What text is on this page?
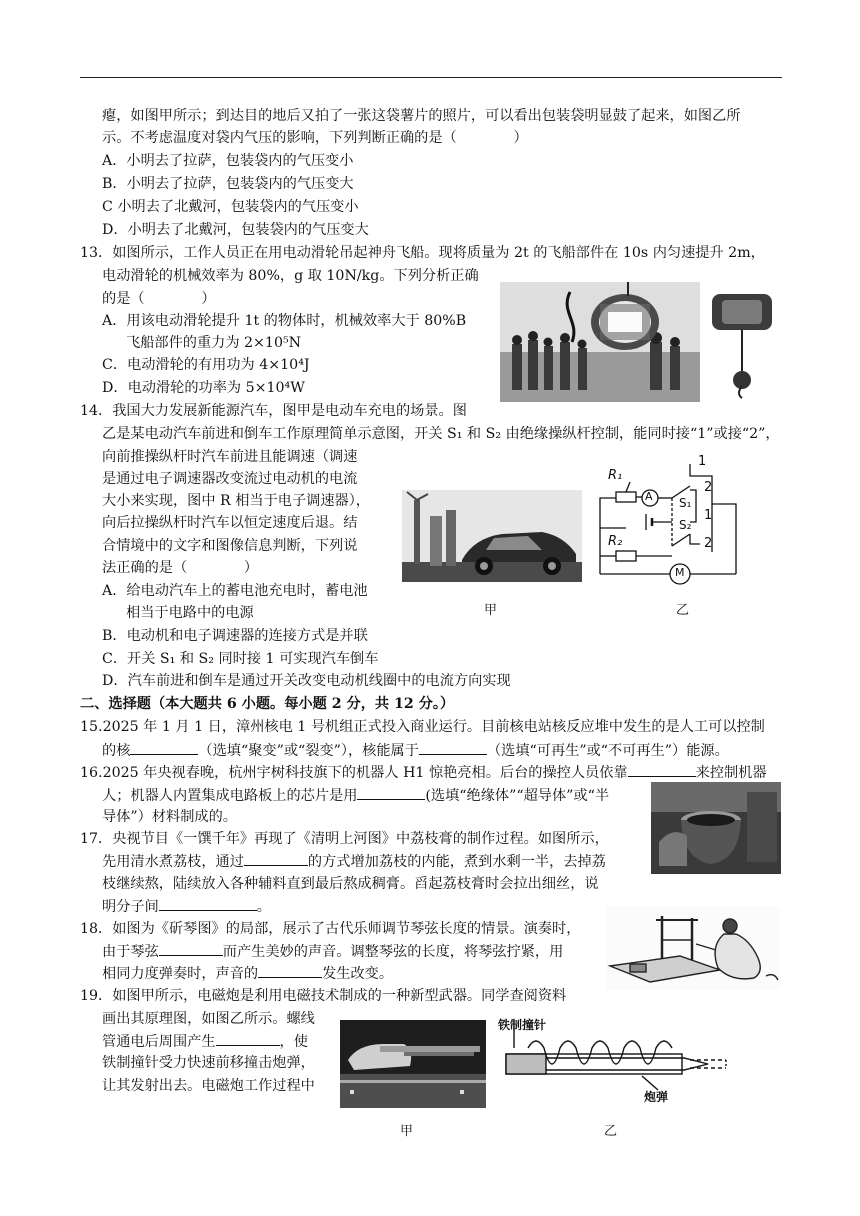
瘪，如图甲所示；到达目的地后又拍了一张这袋薯片的照片，可以看出包装袋明显鼓了起来，如图乙所
示。不考虑温度对袋内气压的影响，下列判断正确的是（　　　　）
A．小明去了拉萨，包装袋内的气压变小
B．小明去了拉萨，包装袋内的气压变大
C 小明去了北戴河，包装袋内的气压变小
D．小明去了北戴河，包装袋内的气压变大
13．如图所示，工作人员正在用电动滑轮吊起神舟飞船。现将质量为 2t 的飞船部件在 10s 内匀速提升 2m，
电动滑轮的机械效率为 80%，g 取 10N/kg。下列分析正确
的是（　　　　）
A．用该电动滑轮提升 1t 的物体时，机械效率大于 80%B
飞船部件的重力为 2×10⁵N
C．电动滑轮的有用功为 4×10⁴J
D．电动滑轮的功率为 5×10⁴W
14．我国大力发展新能源汽车，图甲是电动车充电的场景。图
乙是某电动汽车前进和倒车工作原理简单示意图，开关 S₁ 和 S₂ 由绝缘操纵杆控制，能同时接“1”或接“2”，
向前推操纵杆时汽车前进且能调速（调速
是通过电子调速器改变流过电动机的电流
大小来实现，图中 R 相当于电子调速器），
向后拉操纵杆时汽车以恒定速度后退。结
合情境中的文字和图像信息判断，下列说
法正确的是（　　　　）
A．给电动汽车上的蓄电池充电时，蓄电池
相当于电路中的电源
B．电动机和电子调速器的连接方式是并联
C．开关 S₁ 和 S₂ 同时接 1 可实现汽车倒车
D．汽车前进和倒车是通过开关改变电动机线圈中的电流方向实现
甲
R₁
R₂
A S₁
S₂
M
1
2
1
2
乙
二、选择题（本大题共 6 小题。每小题 2 分，共 12 分。）
15.2025 年 1 月 1 日，漳州核电 1 号机组正式投入商业运行。目前核电站核反应堆中发生的是人工可以控制
的核	（选填“聚变”或“裂变”），核能属于	（选填“可再生”或“不可再生”）能源。
16.2025 年央视春晚，杭州宇树科技旗下的机器人 H1 惊艳亮相。后台的操控人员依靠	来控制机器
人；机器人内置集成电路板上的芯片是用	(选填“绝缘体”“超导体”或“半
导体”）材料制成的。
17．央视节目《一馔千年》再现了《清明上河图》中荔枝膏的制作过程。如图所示，
先用清水煮荔枝，通过	的方式增加荔枝的内能，煮到水剩一半，去掉荔
枝继续熬，陆续放入各种辅料直到最后熬成稠膏。舀起荔枝膏时会拉出细丝，说
明分子间	。
18．如图为《斫琴图》的局部，展示了古代乐师调节琴弦长度的情景。演奏时，
由于琴弦	而产生美妙的声音。调整琴弦的长度，将琴弦拧紧，用
相同力度弹奏时，声音的	发生改变。
19．如图甲所示，电磁炮是利用电磁技术制成的一种新型武器。同学查阅资料
画出其原理图，如图乙所示。螺线
管通电后周围产生	，使
铁制撞针受力快速前移撞击炮弹，
让其发射出去。电磁炮工作过程中
甲
铁制撞针
炮弹
乙
